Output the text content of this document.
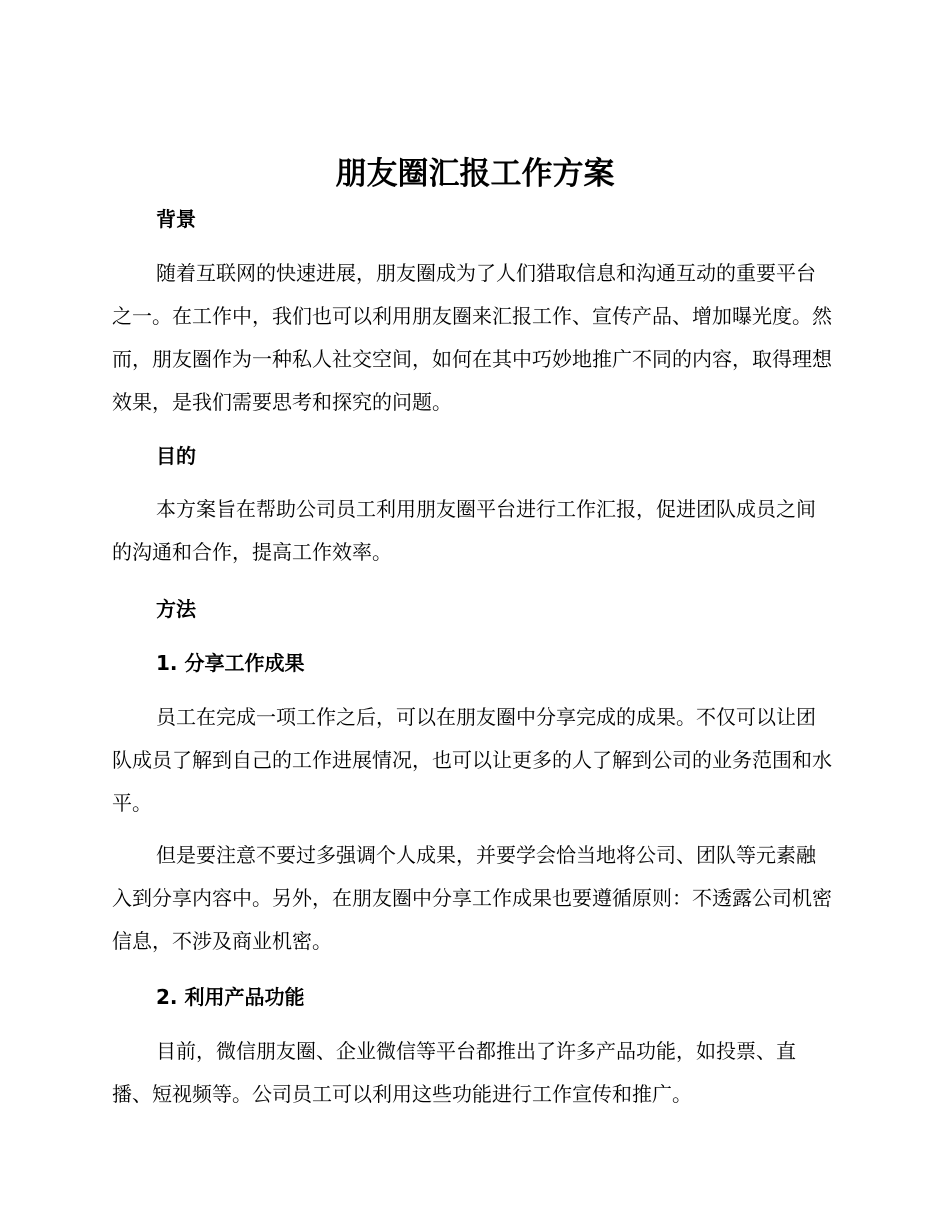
朋友圈汇报工作方案
背景

随着互联网的快速进展，朋友圈成为了人们猎取信息和沟通互动的重要平台之一。在工作中，我们也可以利用朋友圈来汇报工作、宣传产品、增加曝光度。然而，朋友圈作为一种私人社交空间，如何在其中巧妙地推广不同的内容，取得理想效果，是我们需要思考和探究的问题。

目的

本方案旨在帮助公司员工利用朋友圈平台进行工作汇报，促进团队成员之间的沟通和合作，提高工作效率。

方法
1. 分享工作成果

员工在完成一项工作之后，可以在朋友圈中分享完成的成果。不仅可以让团队成员了解到自己的工作进展情况，也可以让更多的人了解到公司的业务范围和水平。

但是要注意不要过多强调个人成果，并要学会恰当地将公司、团队等元素融入到分享内容中。另外，在朋友圈中分享工作成果也要遵循原则：不透露公司机密信息，不涉及商业机密。

2. 利用产品功能

目前，微信朋友圈、企业微信等平台都推出了许多产品功能，如投票、直播、短视频等。公司员工可以利用这些功能进行工作宣传和推广。
